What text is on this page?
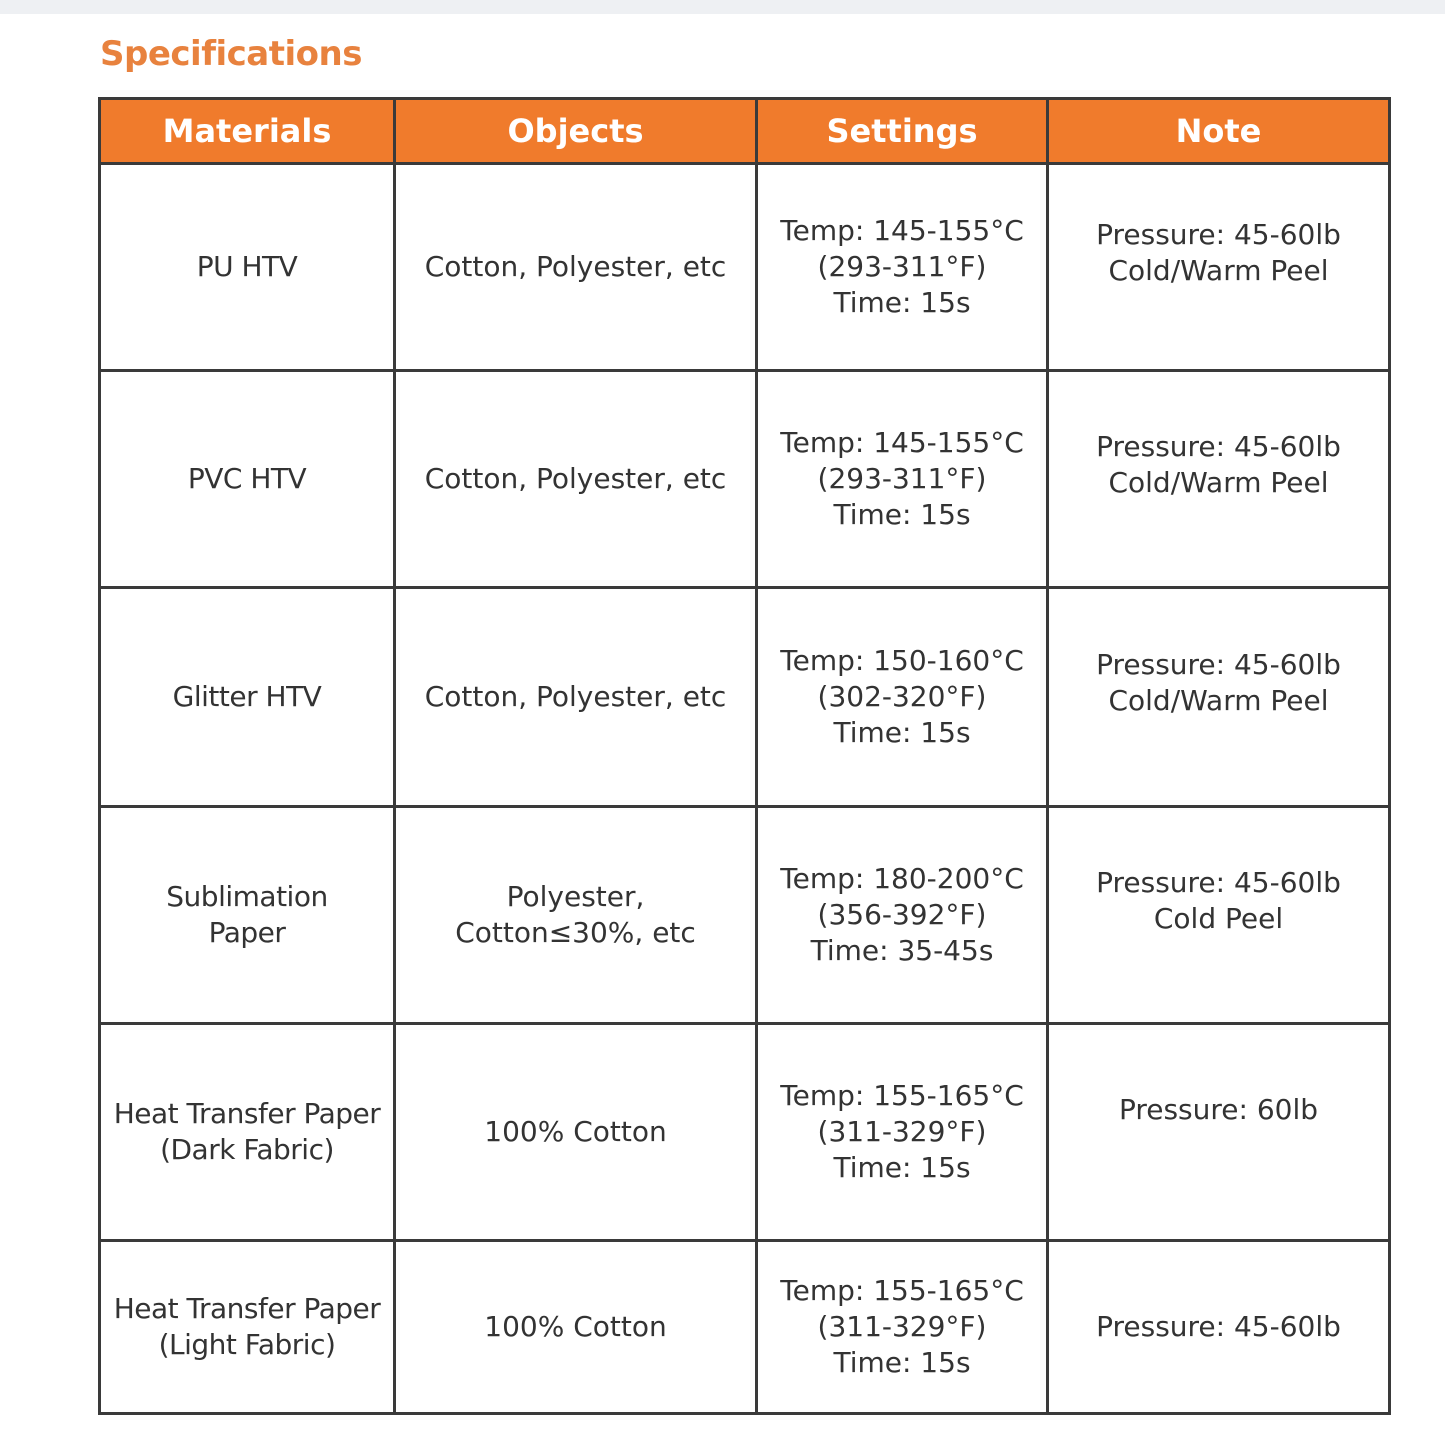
Specifications
Materials	Objects	Settings	Note
PU HTV	Cotton, Polyester, etc	Temp: 145-155°C
(293-311°F)
Time: 15s	Pressure: 45-60lb
Cold/Warm Peel
PVC HTV	Cotton, Polyester, etc	Temp: 145-155°C
(293-311°F)
Time: 15s	Pressure: 45-60lb
Cold/Warm Peel
Glitter HTV	Cotton, Polyester, etc	Temp: 150-160°C
(302-320°F)
Time: 15s	Pressure: 45-60lb
Cold/Warm Peel
Sublimation
Paper	Polyester,
Cotton≤30%, etc	Temp: 180-200°C
(356-392°F)
Time: 35-45s	Pressure: 45-60lb
Cold Peel
Heat Transfer Paper
(Dark Fabric)	100% Cotton	Temp: 155-165°C
(311-329°F)
Time: 15s	Pressure: 60lb
Heat Transfer Paper
(Light Fabric)	100% Cotton	Temp: 155-165°C
(311-329°F)
Time: 15s	Pressure: 45-60lb
